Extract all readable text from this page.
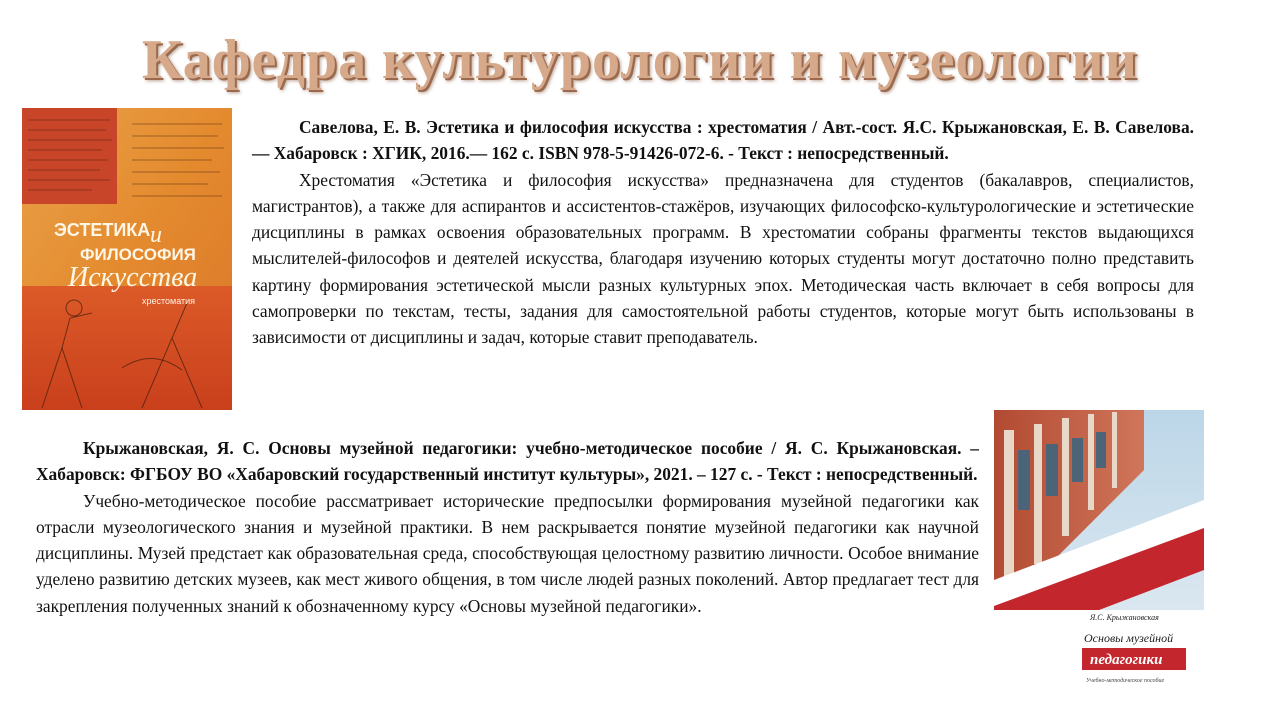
Кафедра культурологии и музеологии
ЭСТЕТИКА и
ФИЛОСОФИЯ
Искусства
хрестоматия

Савелова, Е. В. Эстетика и философия искусства : хрестоматия / Авт.-сост. Я.С. Крыжановская, Е. В. Савелова.— Хабаровск : ХГИК, 2016.— 162 с. ISBN 978-5-91426-072-6. - Текст : непосредственный.

Хрестоматия «Эстетика и философия искусства» предназначена для студентов (бакалавров, специалистов, магистрантов), а также для аспирантов и ассистентов-стажёров, изучающих философско-культурологические и эстетические дисциплины в рамках освоения образовательных программ. В хрестоматии собраны фрагменты текстов выдающихся мыслителей-философов и деятелей искусства, благодаря изучению которых студенты могут достаточно полно представить картину формирования эстетической мысли разных культурных эпох. Методическая часть включает в себя вопросы для самопроверки по текстам, тесты, задания для самостоятельной работы студентов, которые могут быть использованы в зависимости от дисциплины и задач, которые ставит преподаватель.

Крыжановская, Я. С. Основы музейной педагогики: учебно-методическое пособие / Я. С. Крыжановская. – Хабаровск: ФГБОУ ВО «Хабаровский государственный институт культуры», 2021. – 127 с. - Текст : непосредственный.

Учебно-методическое пособие рассматривает исторические предпосылки формирования музейной педагогики как отрасли музеологического знания и музейной практики. В нем раскрывается понятие музейной педагогики как научной дисциплины. Музей предстает как образовательная среда, способствующая целостному развитию личности. Особое внимание уделено развитию детских музеев, как мест живого общения, в том числе людей разных поколений. Автор предлагает тест для закрепления полученных знаний к обозначенному курсу «Основы музейной педагогики».

Я.С. Крыжановская
Основы музейной
педагогики
Учебно-методическое пособие
